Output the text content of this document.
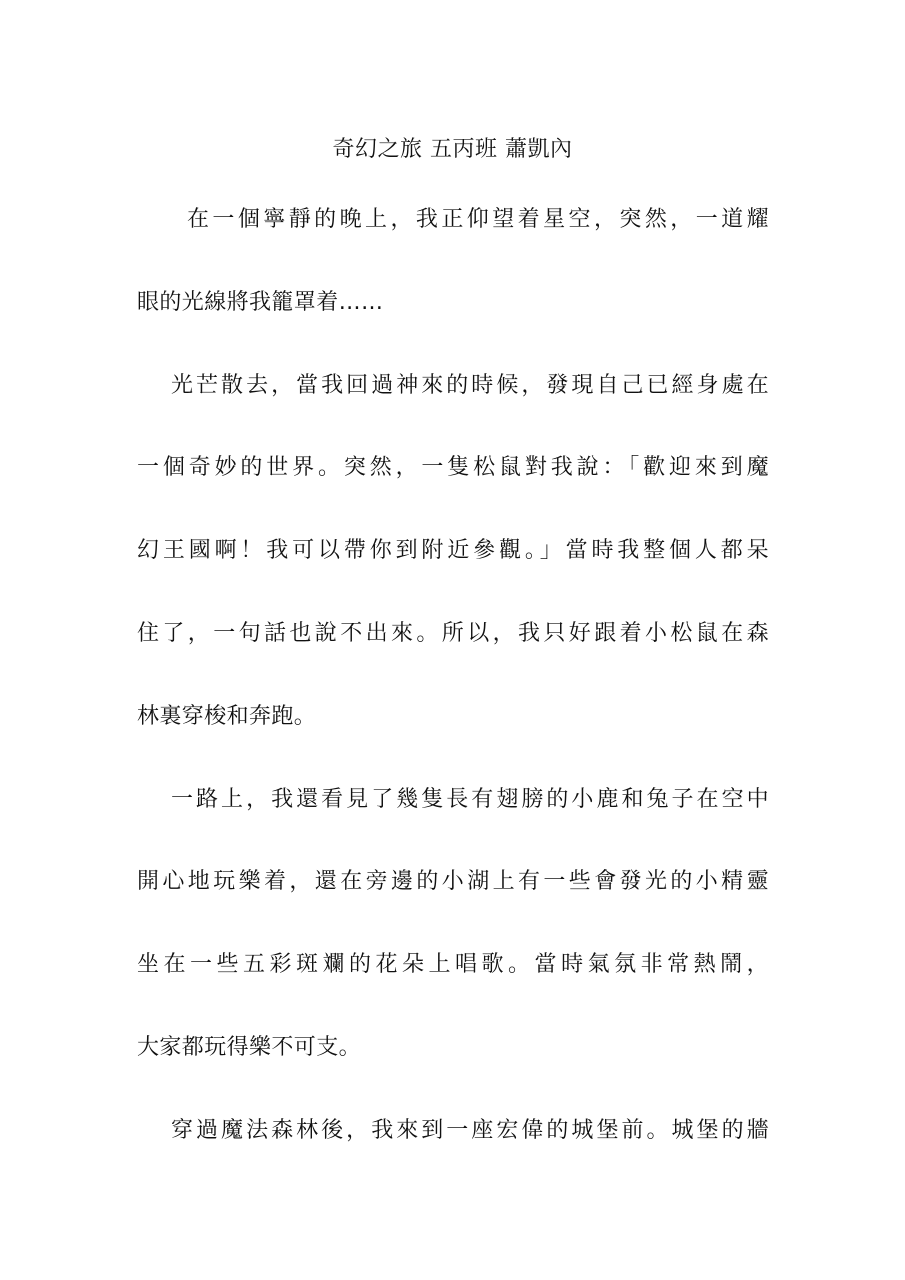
奇幻之旅 五丙班 蕭凱內
在一個寧靜的晚上，我正仰望着星空，突然，一道耀
眼的光線將我籠罩着……
光芒散去，當我回過神來的時候，發現自己已經身處在
一個奇妙的世界。突然，一隻松鼠對我說：「歡迎來到魔
幻王國啊！我可以帶你到附近參觀。」當時我整個人都呆
住了，一句話也說不出來。所以，我只好跟着小松鼠在森
林裏穿梭和奔跑。
一路上，我還看見了幾隻長有翅膀的小鹿和兔子在空中
開心地玩樂着，還在旁邊的小湖上有一些會發光的小精靈
坐在一些五彩斑斕的花朵上唱歌。當時氣氛非常熱鬧，
大家都玩得樂不可支。
穿過魔法森林後，我來到一座宏偉的城堡前。城堡的牆
